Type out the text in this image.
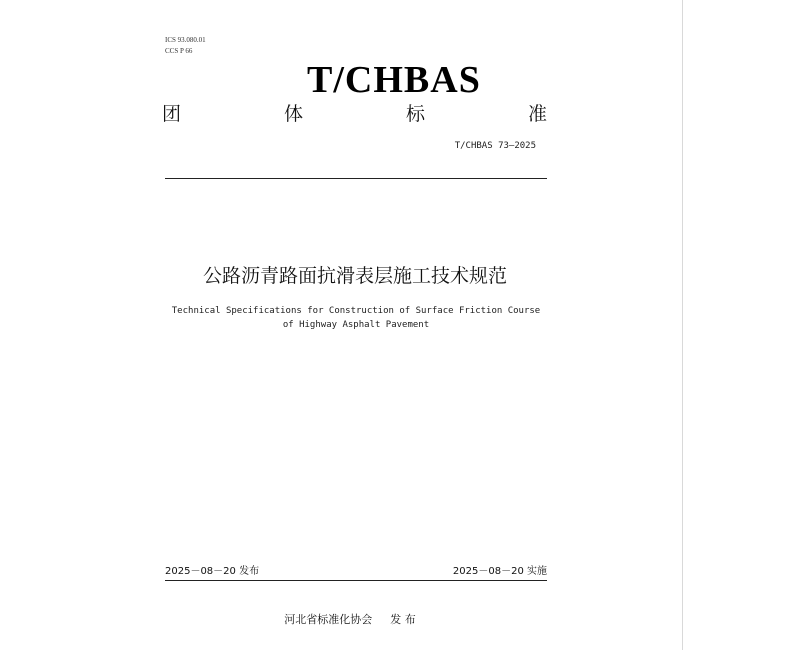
ICS 93.080.01
CCS P 66
T/CHBAS
团	体	标	准
T/CHBAS 73—2025
公路沥青路面抗滑表层施工技术规范
Technical Specifications for Construction of Surface Friction Course
of Highway Asphalt Pavement
2025－08－20 发布	2025－08－20 实施
河北省标准化协会 发 布
